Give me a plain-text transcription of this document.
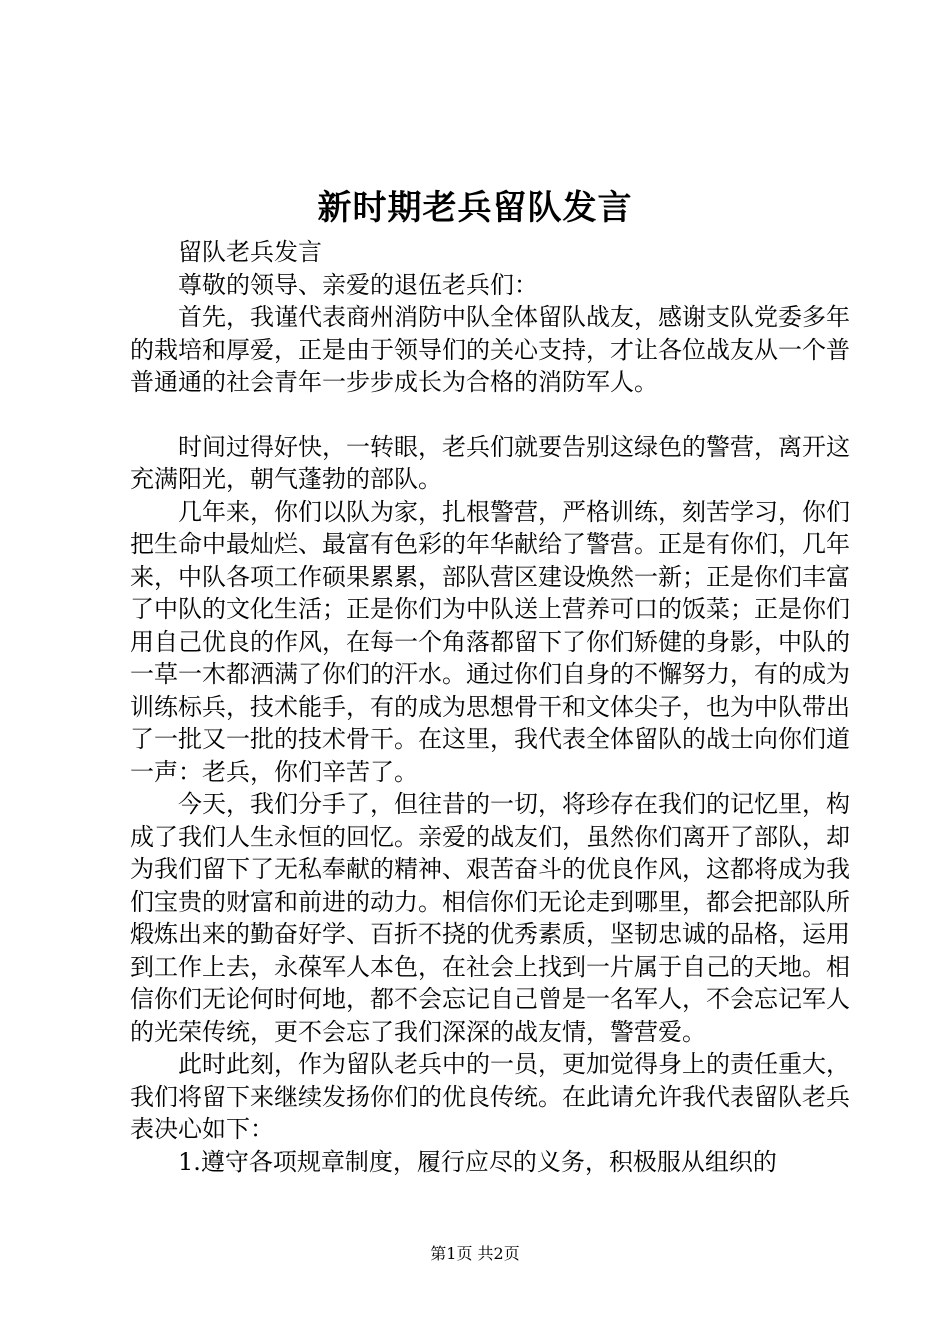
新时期老兵留队发言

留队老兵发言

尊敬的领导、亲爱的退伍老兵们：

首先，我谨代表商州消防中队全体留队战友，感谢支队党委多年的栽培和厚爱，正是由于领导们的关心支持，才让各位战友从一个普普通通的社会青年一步步成长为合格的消防军人。

时间过得好快，一转眼，老兵们就要告别这绿色的警营，离开这充满阳光，朝气蓬勃的部队。

几年来，你们以队为家，扎根警营，严格训练，刻苦学习，你们把生命中最灿烂、最富有色彩的年华献给了警营。正是有你们，几年来，中队各项工作硕果累累，部队营区建设焕然一新；正是你们丰富了中队的文化生活；正是你们为中队送上营养可口的饭菜；正是你们用自己优良的作风，在每一个角落都留下了你们矫健的身影，中队的一草一木都洒满了你们的汗水。通过你们自身的不懈努力，有的成为训练标兵，技术能手，有的成为思想骨干和文体尖子，也为中队带出了一批又一批的技术骨干。在这里，我代表全体留队的战士向你们道一声：老兵，你们辛苦了。

今天，我们分手了，但往昔的一切，将珍存在我们的记忆里，构成了我们人生永恒的回忆。亲爱的战友们，虽然你们离开了部队，却为我们留下了无私奉献的精神、艰苦奋斗的优良作风，这都将成为我们宝贵的财富和前进的动力。相信你们无论走到哪里，都会把部队所煅炼出来的勤奋好学、百折不挠的优秀素质，坚韧忠诚的品格，运用到工作上去，永葆军人本色，在社会上找到一片属于自己的天地。相信你们无论何时何地，都不会忘记自己曾是一名军人，不会忘记军人的光荣传统，更不会忘了我们深深的战友情，警营爱。

此时此刻，作为留队老兵中的一员，更加觉得身上的责任重大，我们将留下来继续发扬你们的优良传统。在此请允许我代表留队老兵表决心如下：

1.遵守各项规章制度，履行应尽的义务，积极服从组织的

第1页 共2页
